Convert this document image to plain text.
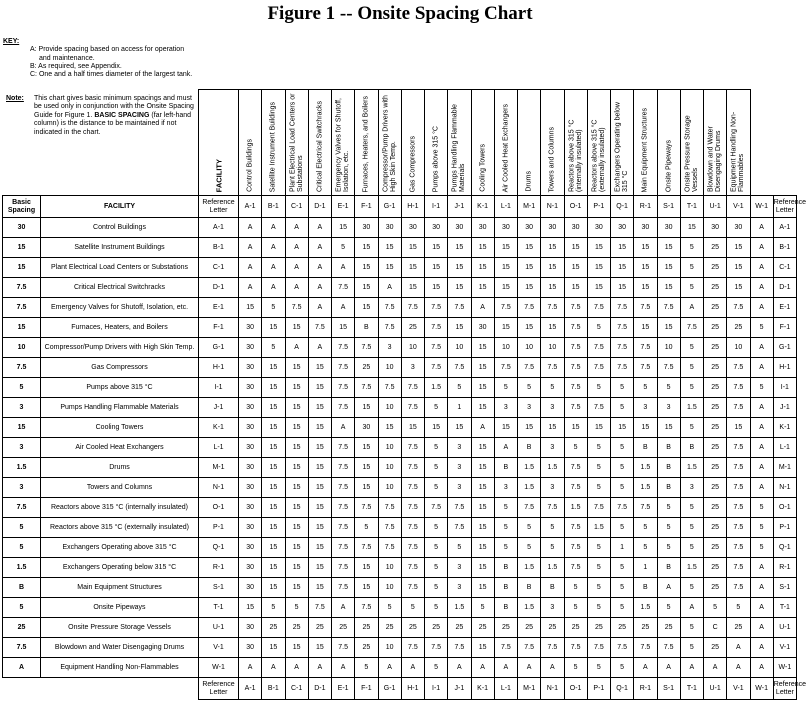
Figure 1 -- Onsite Spacing Chart

		FACILITY	Control Buildings	Satellite Instrument Buildings	Plant Electrical Load Centers or Substations	Critical Electrical Switchracks	Emergency Valves for Shutoff, Isolation, etc.	Furnaces, Heaters, and Boilers	Compressor/Pump Drivers with High Skin Temp.	Gas Compressors	Pumps above 315 °C	Pumps Handling Flammable Materials	Cooling Towers	Air Cooled Heat Exchangers	Drums	Towers and Columns	Reactors above 315 °C (internally insulated)	Reactors above 315 °C (externally insulated)	Exchangers Operating below 315 °C	Main Equipment Structures	Onsite Pipeways	Onsite Pressure Storage Vessels	Blowdown and Water Disengaging Drums	Equipment Handling Non-Flammables		

Basic Spacing	FACILITY	Reference Letter	A-1	B-1	C-1	D-1	E-1	F-1	G-1	H-1	I-1	J-1	K-1	L-1	M-1	N-1	O-1	P-1	Q-1	R-1	S-1	T-1	U-1	V-1	W-1	Reference Letter
30	Control Buildings	A-1	A	A	A	A	15	30	30	30	30	30	30	30	30	30	30	30	30	30	30	15	30	30	A	A-1
15	Satellite Instrument Buildings	B-1	A	A	A	A	5	15	15	15	15	15	15	15	15	15	15	15	15	15	15	5	25	15	A	B-1
15	Plant Electrical Load Centers or Substations	C-1	A	A	A	A	A	15	15	15	15	15	15	15	15	15	15	15	15	15	15	5	25	15	A	C-1
7.5	Critical Electrical Switchracks	D-1	A	A	A	A	7.5	15	A	15	15	15	15	15	15	15	15	15	15	15	15	5	25	15	A	D-1
7.5	Emergency Valves for Shutoff, Isolation, etc.	E-1	15	5	7.5	A	A	15	7.5	7.5	7.5	7.5	A	7.5	7.5	7.5	7.5	7.5	7.5	7.5	7.5	A	25	7.5	A	E-1
15	Furnaces, Heaters, and Boilers	F-1	30	15	15	7.5	15	B	7.5	25	7.5	15	30	15	15	15	7.5	5	7.5	15	15	7.5	25	25	5	F-1
10	Compressor/Pump Drivers with High Skin Temp.	G-1	30	5	A	A	7.5	7.5	3	10	7.5	10	15	10	10	10	7.5	7.5	7.5	7.5	10	5	25	10	A	G-1
7.5	Gas Compressors	H-1	30	15	15	15	7.5	25	10	3	7.5	7.5	15	7.5	7.5	7.5	7.5	7.5	7.5	7.5	7.5	5	25	7.5	A	H-1
5	Pumps above 315 °C	I-1	30	15	15	15	7.5	7.5	7.5	7.5	1.5	5	15	5	5	5	7.5	5	5	5	5	5	25	7.5	5	I-1
3	Pumps Handling Flammable Materials	J-1	30	15	15	15	7.5	15	10	7.5	5	1	15	3	3	3	7.5	7.5	5	3	3	1.5	25	7.5	A	J-1
15	Cooling Towers	K-1	30	15	15	15	A	30	15	15	15	15	A	15	15	15	15	15	15	15	15	5	25	15	A	K-1
3	Air Cooled Heat Exchangers	L-1	30	15	15	15	7.5	15	10	7.5	5	3	15	A	B	3	5	5	5	B	B	B	25	7.5	A	L-1
1.5	Drums	M-1	30	15	15	15	7.5	15	10	7.5	5	3	15	B	1.5	1.5	7.5	5	5	1.5	B	1.5	25	7.5	A	M-1
3	Towers and Columns	N-1	30	15	15	15	7.5	15	10	7.5	5	3	15	3	1.5	3	7.5	5	5	1.5	B	3	25	7.5	A	N-1
7.5	Reactors above 315 °C (internally insulated)	O-1	30	15	15	15	7.5	7.5	7.5	7.5	7.5	7.5	15	5	7.5	7.5	1.5	7.5	7.5	7.5	5	5	25	7.5	5	O-1
5	Reactors above 315 °C (externally insulated)	P-1	30	15	15	15	7.5	5	7.5	7.5	5	7.5	15	5	5	5	7.5	1.5	5	5	5	5	25	7.5	5	P-1
5	Exchangers Operating above 315 °C	Q-1	30	15	15	15	7.5	7.5	7.5	7.5	5	5	15	5	5	5	7.5	5	1	5	5	5	25	7.5	5	Q-1
1.5	Exchangers Operating below 315 °C	R-1	30	15	15	15	7.5	15	10	7.5	5	3	15	B	1.5	1.5	7.5	5	5	1	B	1.5	25	7.5	A	R-1
B	Main Equipment Structures	S-1	30	15	15	15	7.5	15	10	7.5	5	3	15	B	B	B	5	5	5	B	A	5	25	7.5	A	S-1
5	Onsite Pipeways	T-1	15	5	5	7.5	A	7.5	5	5	5	1.5	5	B	1.5	3	5	5	5	1.5	5	A	5	5	A	T-1
25	Onsite Pressure Storage Vessels	U-1	30	25	25	25	25	25	25	25	25	25	25	25	25	25	25	25	25	25	25	5	C	25	A	U-1
7.5	Blowdown and Water Disengaging Drums	V-1	30	15	15	15	7.5	25	10	7.5	7.5	7.5	15	7.5	7.5	7.5	7.5	7.5	7.5	7.5	7.5	5	25	A	A	V-1
A	Equipment Handling Non-Flammables	W-1	A	A	A	A	A	5	A	A	5	A	A	A	A	A	5	5	5	A	A	A	A	A	A	W-1
		Reference Letter	A-1	B-1	C-1	D-1	E-1	F-1	G-1	H-1	I-1	J-1	K-1	L-1	M-1	N-1	O-1	P-1	Q-1	R-1	S-1	T-1	U-1	V-1	W-1	Reference Letter
KEY:
A: Provide spacing based on access for operation and maintenance.
B: As required, see Appendix.
C: One and a half times diameter of the largest tank.
Note: This chart gives basic minimum spacings and must be used only in conjunction with the Onsite Spacing Guide for Figure 1. BASIC SPACING (far left-hand column) is the distance to be maintained if not indicated in the chart.
